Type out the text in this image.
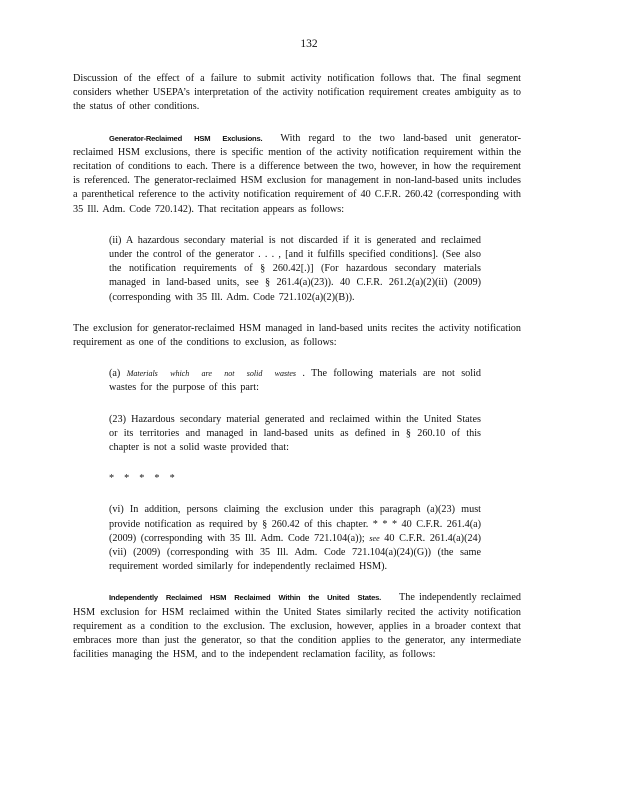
132

Discussion of the effect of a failure to submit activity notification follows that. The final segment considers whether USEPA’s interpretation of the activity notification requirement creates ambiguity as to the status of other conditions.

Generator-Reclaimed HSM Exclusions. With regard to the two land-based unit generator-reclaimed HSM exclusions, there is specific mention of the activity notification requirement within the recitation of conditions to each. There is a difference between the two, however, in how the requirement is referenced. The generator-reclaimed HSM exclusion for management in non-land-based units includes a parenthetical reference to the activity notification requirement of 40 C.F.R. 260.42 (corresponding with 35 Ill. Adm. Code 720.142). That recitation appears as follows:

(ii) A hazardous secondary material is not discarded if it is generated and reclaimed under the control of the generator . . . , [and it fulfills specified conditions]. (See also the notification requirements of § 260.42[.)] (For hazardous secondary materials managed in land-based units, see § 261.4(a)(23)). 40 C.F.R. 261.2(a)(2)(ii) (2009) (corresponding with 35 Ill. Adm. Code 721.102(a)(2)(B)).

The exclusion for generator-reclaimed HSM managed in land-based units recites the activity notification requirement as one of the conditions to exclusion, as follows:

(a) Materials which are not solid wastes . The following materials are not solid wastes for the purpose of this part:

(23) Hazardous secondary material generated and reclaimed within the United States or its territories and managed in land-based units as defined in § 260.10 of this chapter is not a solid waste provided that:

* * * * *

(vi) In addition, persons claiming the exclusion under this paragraph (a)(23) must provide notification as required by § 260.42 of this chapter. * * * 40 C.F.R. 261.4(a) (2009) (corresponding with 35 Ill. Adm. Code 721.104(a)); see 40 C.F.R. 261.4(a)(24)(vii) (2009) (corresponding with 35 Ill. Adm. Code 721.104(a)(24)(G)) (the same requirement worded similarly for independently reclaimed HSM).

Independently Reclaimed HSM Reclaimed Within the United States. The independently reclaimed HSM exclusion for HSM reclaimed within the United States similarly recited the activity notification requirement as a condition to the exclusion. The exclusion, however, applies in a broader context that embraces more than just the generator, so that the condition applies to the generator, any intermediate facilities managing the HSM, and to the independent reclamation facility, as follows:
